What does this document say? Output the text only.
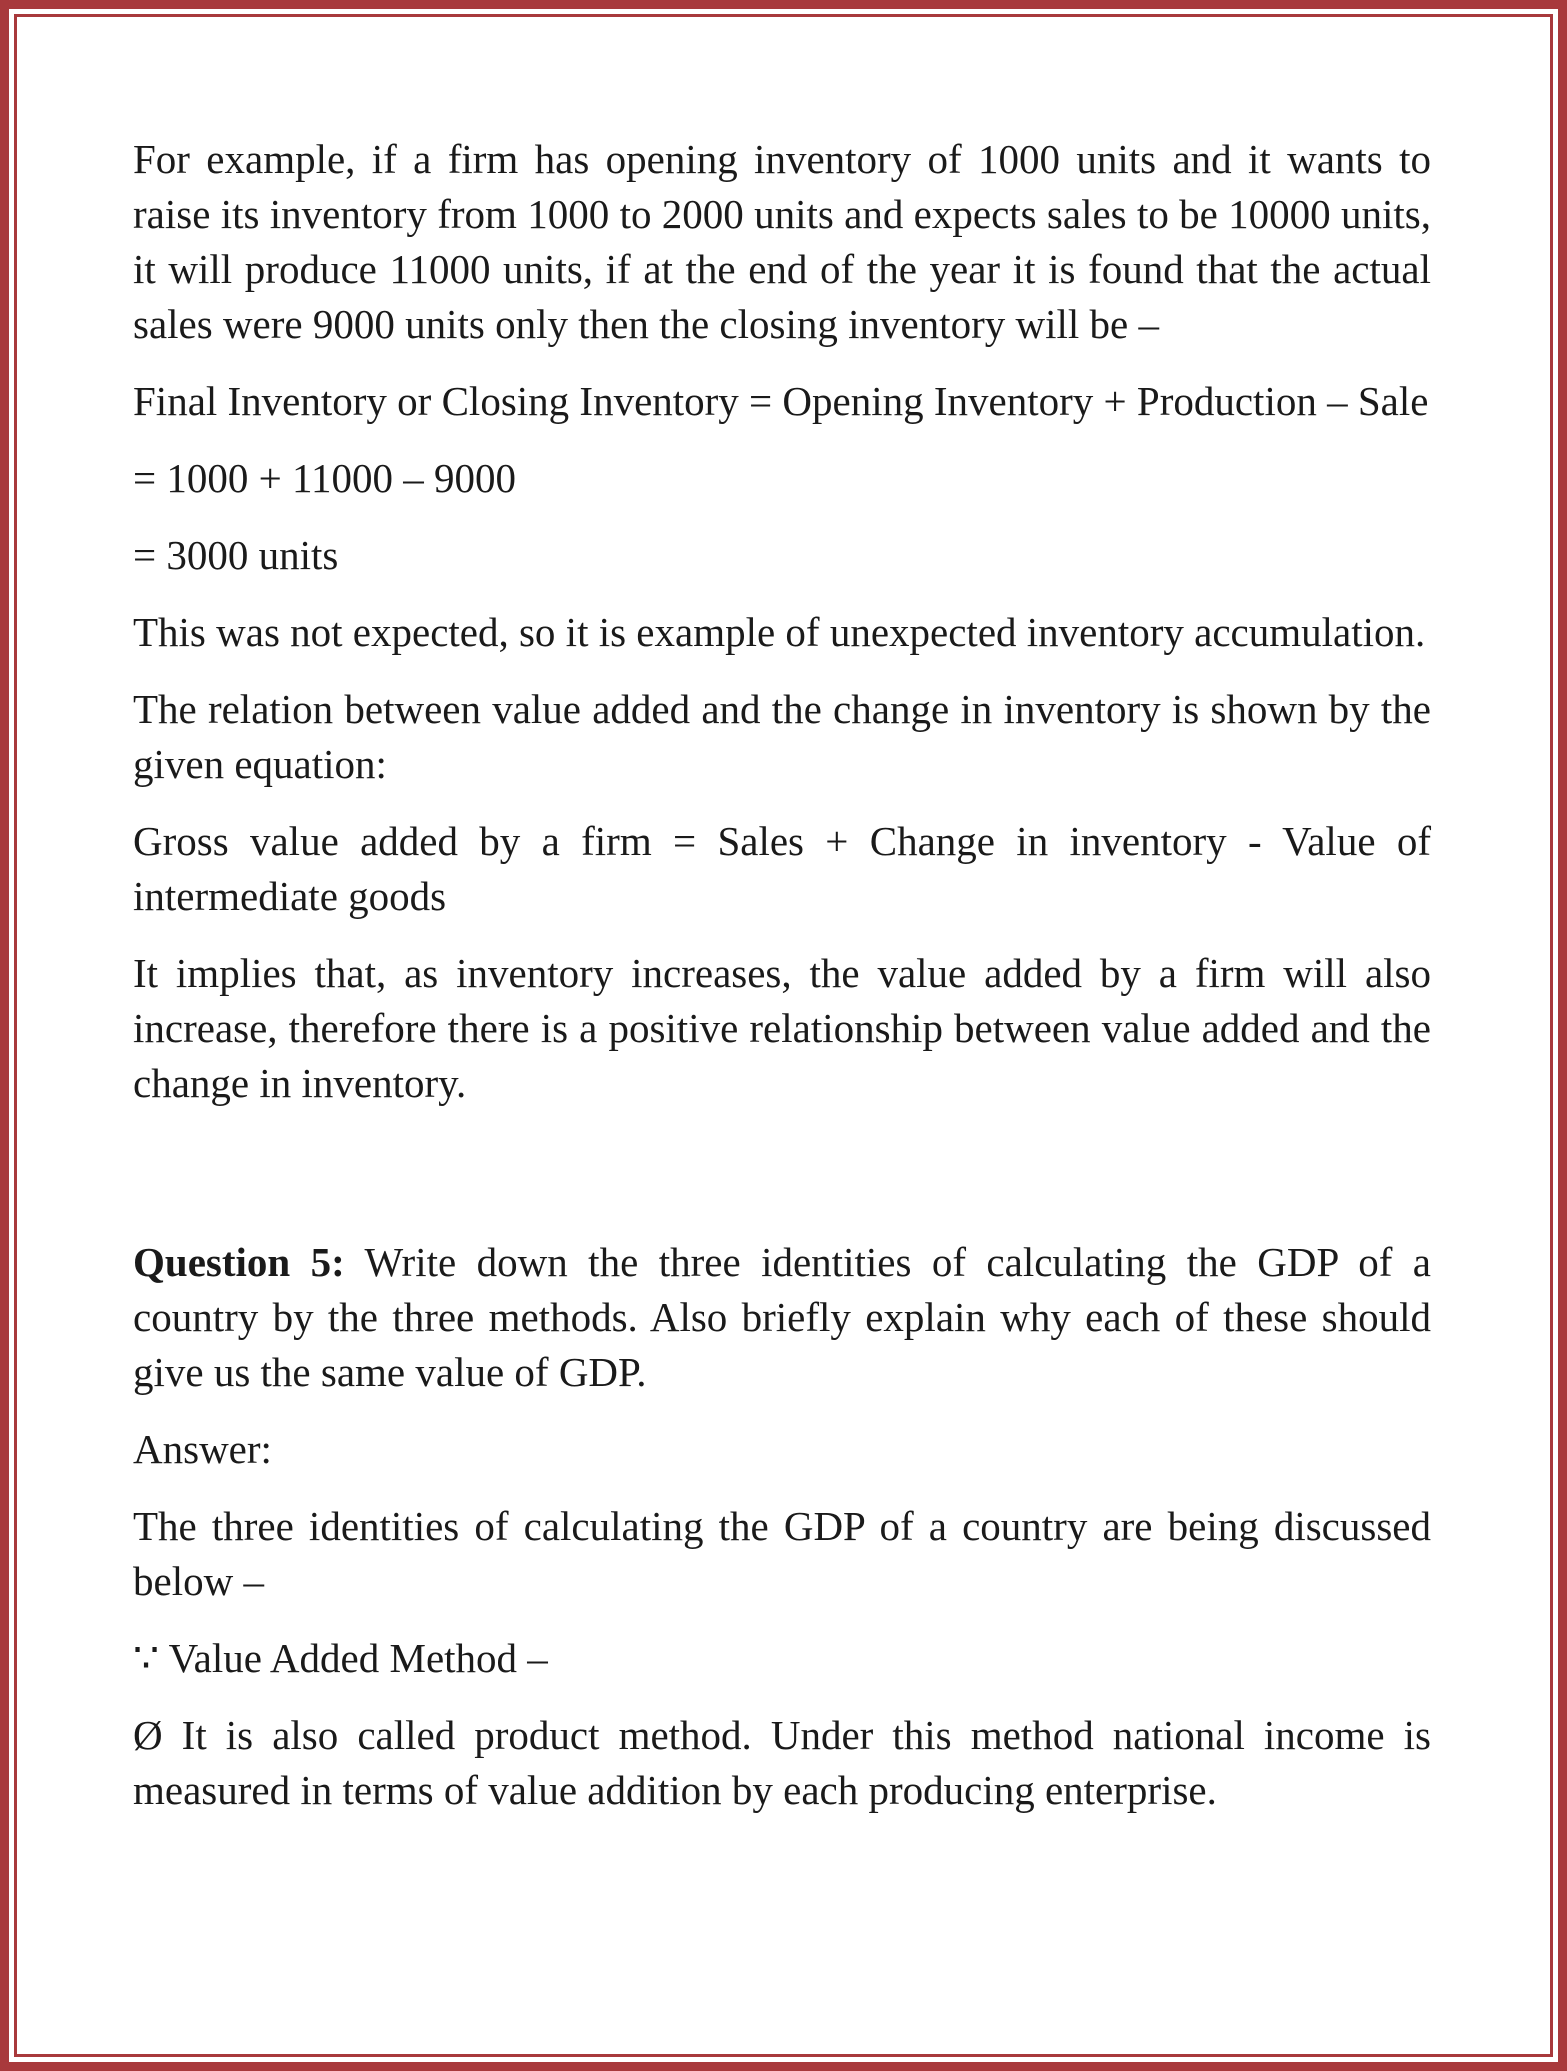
For example, if a firm has opening inventory of 1000 units and it wants to raise its inventory from 1000 to 2000 units and expects sales to be 10000 units, it will produce 11000 units, if at the end of the year it is found that the actual sales were 9000 units only then the closing inventory will be –

Final Inventory or Closing Inventory = Opening Inventory + Production – Sale

= 1000 + 11000 – 9000

= 3000 units

This was not expected, so it is example of unexpected inventory accumulation.

The relation between value added and the change in inventory is shown by the given equation:

Gross value added by a firm = Sales + Change in inventory - Value of intermediate goods

It implies that, as inventory increases, the value added by a firm will also increase, therefore there is a positive relationship between value added and the change in inventory.

Question 5: Write down the three identities of calculating the GDP of a country by the three methods. Also briefly explain why each of these should give us the same value of GDP.

Answer:

The three identities of calculating the GDP of a country are being discussed below –

∵ Value Added Method –

Ø It is also called product method. Under this method national income is measured in terms of value addition by each producing enterprise.
